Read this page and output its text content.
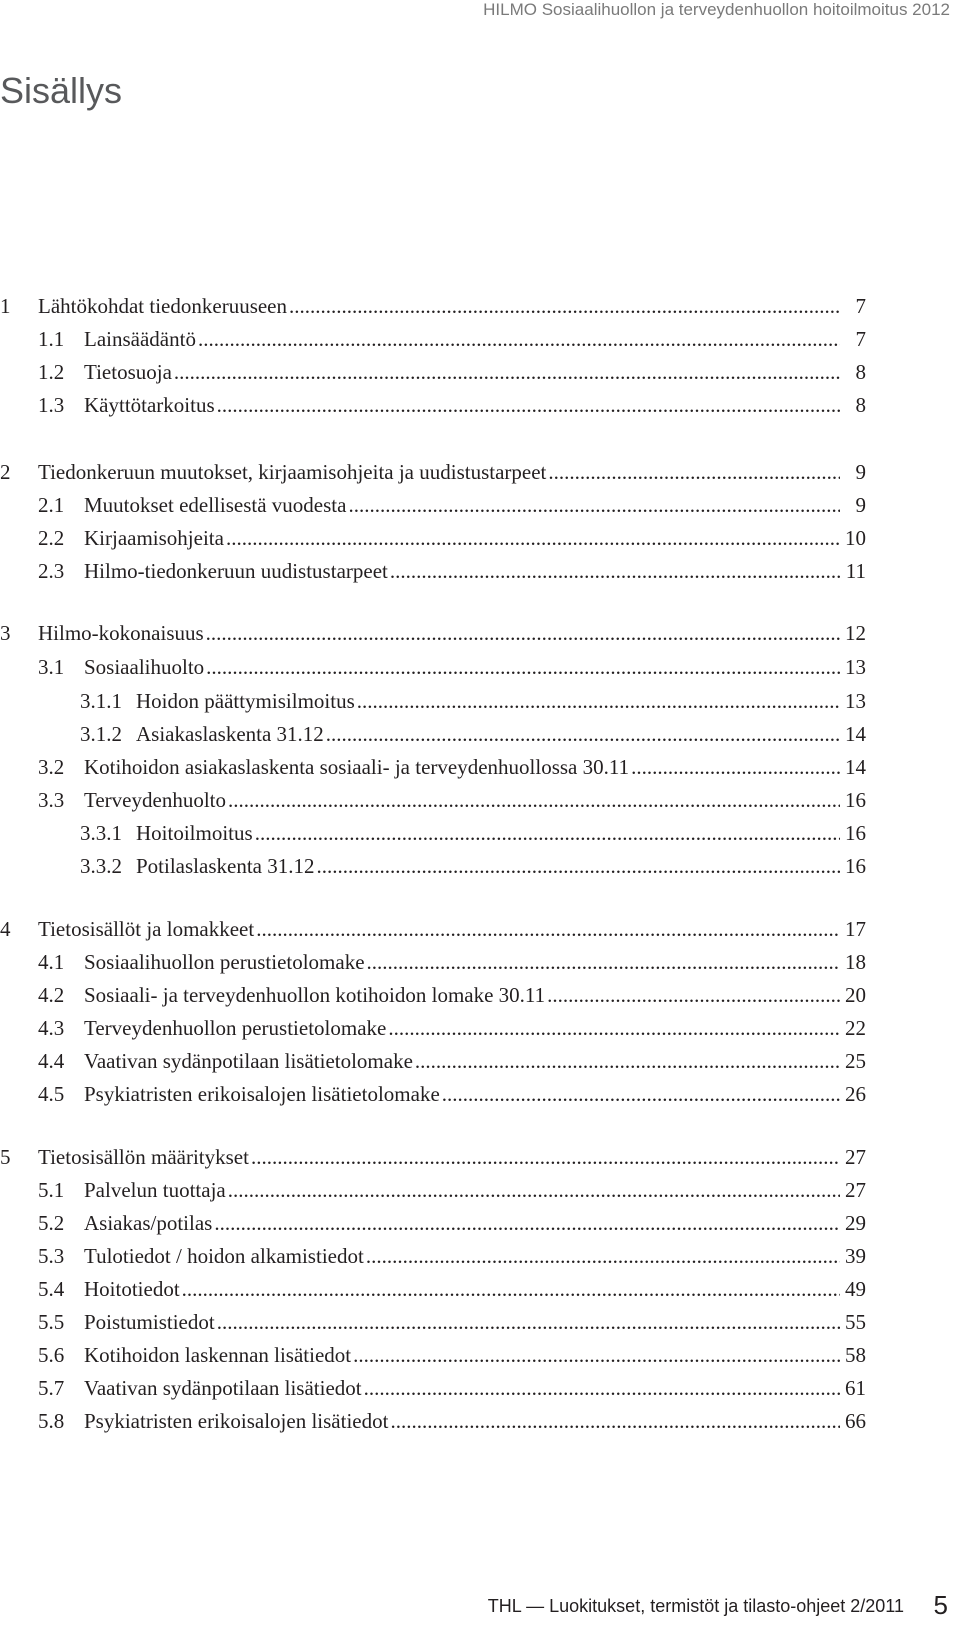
HILMO Sosiaalihuollon ja terveydenhuollon hoitoilmoitus 2012
Sisällys
1 Lähtökohdat tiedonkeruuseen .....	7
1.1 Lainsäädäntö .....	7
1.2 Tietosuoja .....	8
1.3 Käyttötarkoitus .....	8
2 Tiedonkeruun muutokset, kirjaamisohjeita ja uudistustarpeet .....	9
2.1 Muutokset edellisestä vuodesta .....	9
2.2 Kirjaamisohjeita .....	10
2.3 Hilmo-tiedonkeruun uudistustarpeet .....	11
3 Hilmo-kokonaisuus .....	12
3.1 Sosiaalihuolto .....	13
3.1.1 Hoidon päättymisilmoitus .....	13
3.1.2 Asiakaslaskenta 31.12 .....	14
3.2 Kotihoidon asiakaslaskenta sosiaali- ja terveydenhuollossa 30.11 .....	14
3.3 Terveydenhuolto .....	16
3.3.1 Hoitoilmoitus .....	16
3.3.2 Potilaslaskenta 31.12 .....	16
4 Tietosisällöt ja lomakkeet .....	17
4.1 Sosiaalihuollon perustietolomake .....	18
4.2 Sosiaali- ja terveydenhuollon kotihoidon lomake 30.11 .....	20
4.3 Terveydenhuollon perustietolomake .....	22
4.4 Vaativan sydänpotilaan lisätietolomake .....	25
4.5 Psykiatristen erikoisalojen lisätietolomake .....	26
5 Tietosisällön määritykset .....	27
5.1 Palvelun tuottaja .....	27
5.2 Asiakas/potilas .....	29
5.3 Tulotiedot / hoidon alkamistiedot .....	39
5.4 Hoitotiedot .....	49
5.5 Poistumistiedot .....	55
5.6 Kotihoidon laskennan lisätiedot .....	58
5.7 Vaativan sydänpotilaan lisätiedot .....	61
5.8 Psykiatristen erikoisalojen lisätiedot .....	66
THL — Luokitukset, termistöt ja tilasto-ohjeet 2/2011 5
